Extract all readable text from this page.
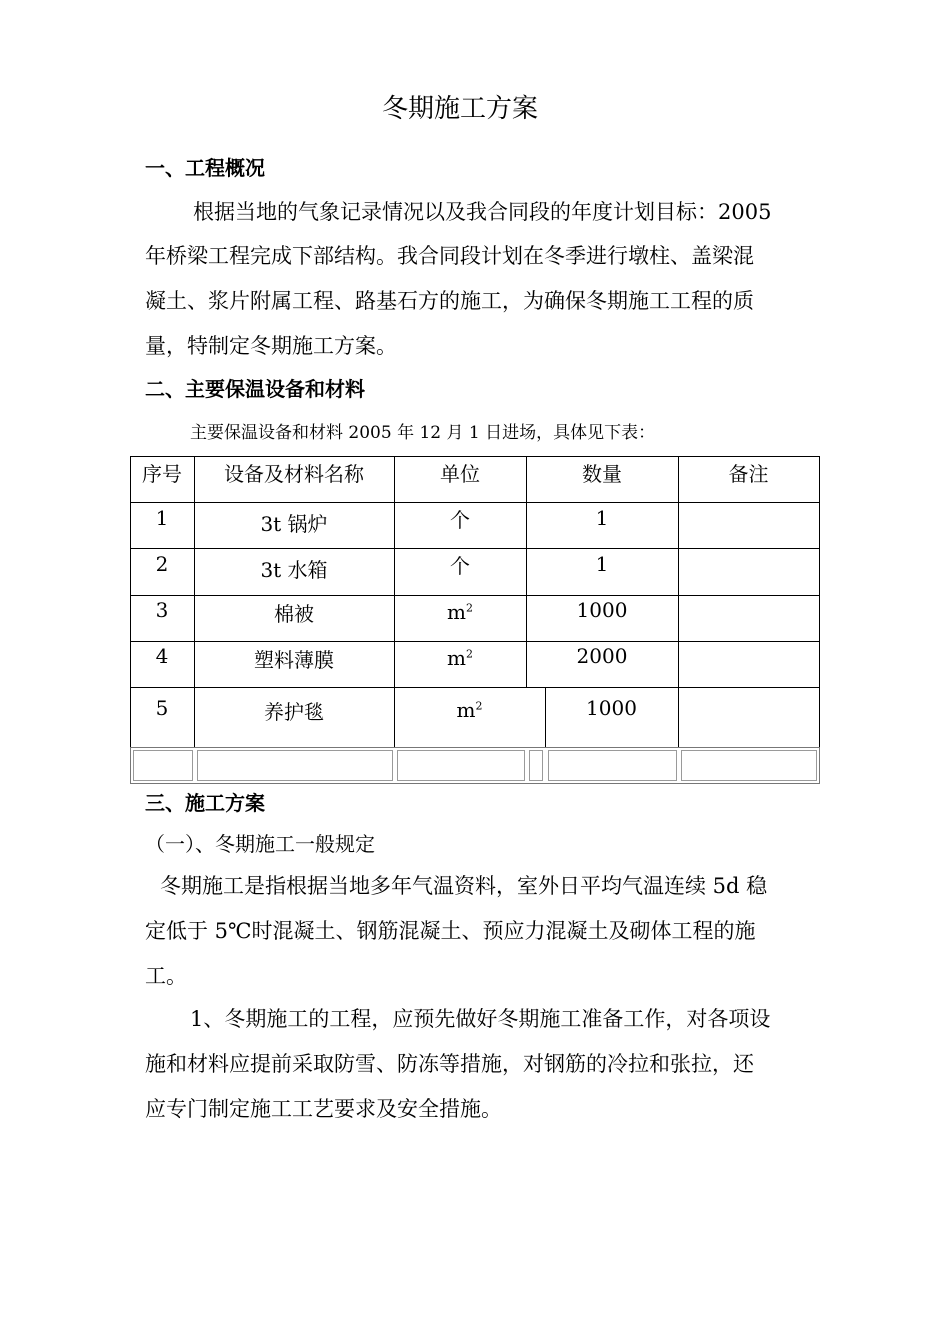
冬期施工方案
一、工程概况
根据当地的气象记录情况以及我合同段的年度计划目标：2005
年桥梁工程完成下部结构。我合同段计划在冬季进行墩柱、盖梁混
凝土、浆片附属工程、路基石方的施工，为确保冬期施工工程的质
量，特制定冬期施工方案。
二、主要保温设备和材料
主要保温设备和材料 2005 年 12 月 1 日进场，具体见下表：
序号	设备及材料名称	单位	数量	备注
1	3t 锅炉	个	1
2	3t 水箱	个	1
3	棉被	$m^2$	1000
4	塑料薄膜	$m^2$	2000
5	养护毯	$m^2$	1000
三、施工方案
（一）、冬期施工一般规定
冬期施工是指根据当地多年气温资料，室外日平均气温连续 5d 稳
定低于 5℃时混凝土、钢筋混凝土、预应力混凝土及砌体工程的施
工。
1、冬期施工的工程，应预先做好冬期施工准备工作，对各项设
施和材料应提前采取防雪、防冻等措施，对钢筋的冷拉和张拉，还
应专门制定施工工艺要求及安全措施。
